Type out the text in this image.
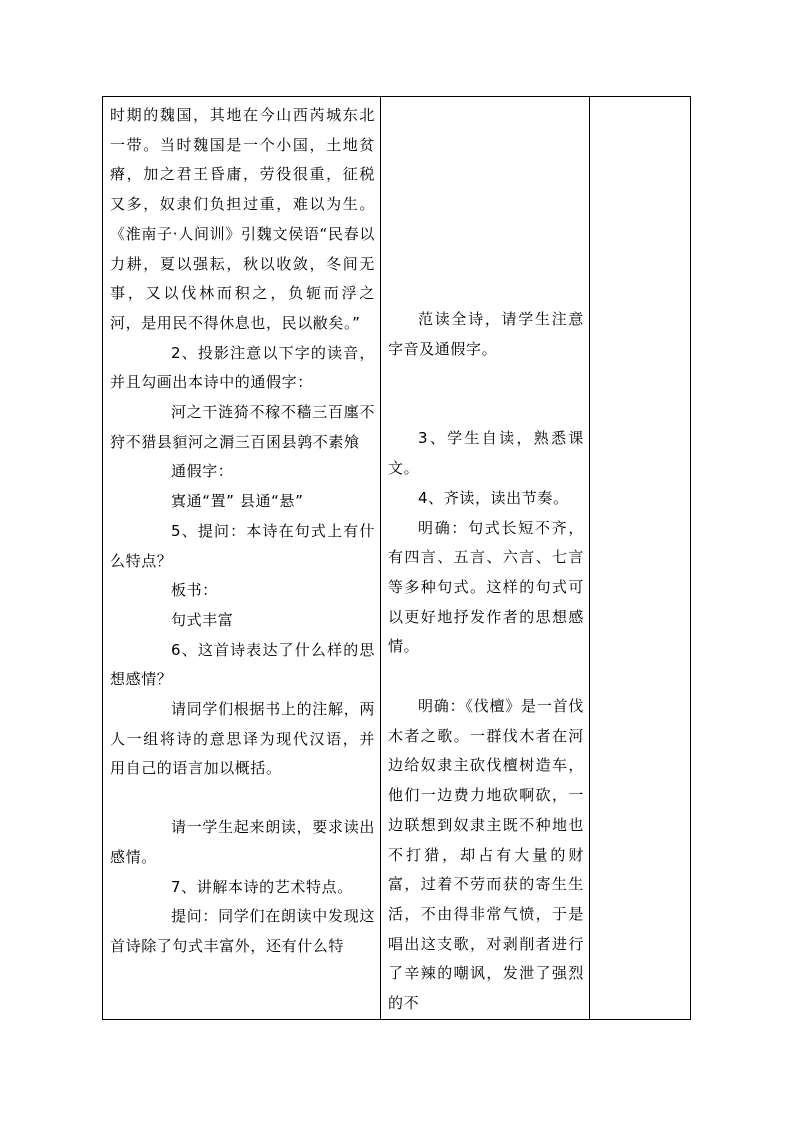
时期的魏国，其地在今山西芮城东北一带。当时魏国是一个小国，土地贫瘠，加之君王昏庸，劳役很重，征税又多，奴隶们负担过重，难以为生。《淮南子·人间训》引魏文侯语“民春以力耕，夏以强耘，秋以收敛，冬间无事，又以伐林而积之，负轭而浮之河，是用民不得休息也，民以敝矣。”

2、投影注意以下字的读音，并且勾画出本诗中的通假字：

河之干涟猗不稼不穑三百廛不狩不猎县貆河之漘三百囷县鹑不素飧

通假字：

寘通“置” 县通“悬”

5、提问：本诗在句式上有什么特点？

板书：

句式丰富

6、这首诗表达了什么样的思想感情？

请同学们根据书上的注解，两人一组将诗的意思译为现代汉语，并用自己的语言加以概括。

请一学生起来朗读，要求读出感情。

7、讲解本诗的艺术特点。

提问：同学们在朗读中发现这首诗除了句式丰富外，还有什么特

范读全诗，请学生注意字音及通假字。

3、学生自读，熟悉课文。

4、齐读，读出节奏。

明确：句式长短不齐，有四言、五言、六言、七言等多种句式。这样的句式可以更好地抒发作者的思想感情。

明确：《伐檀》是一首伐木者之歌。一群伐木者在河边给奴隶主砍伐檀树造车，他们一边费力地砍啊砍，一边联想到奴隶主既不种地也不打猎，却占有大量的财富，过着不劳而获的寄生生活，不由得非常气愤，于是唱出这支歌，对剥削者进行了辛辣的嘲讽，发泄了强烈的不
